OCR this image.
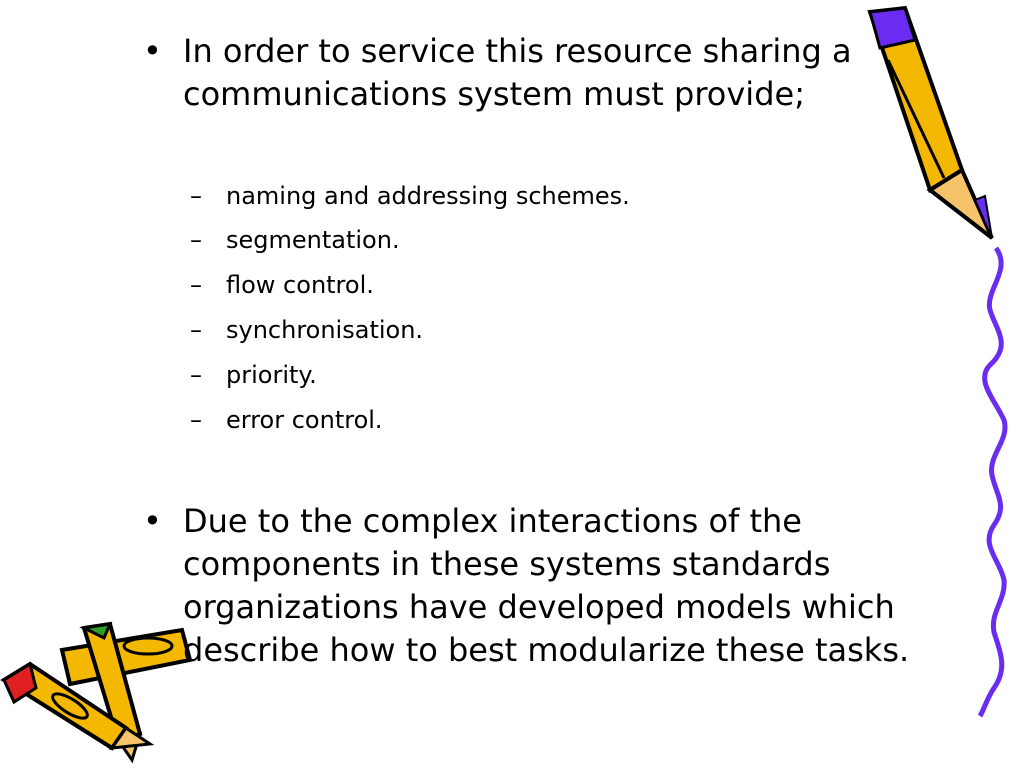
• In order to service this resource sharing a communications system must provide;
– naming and addressing schemes.
– segmentation.
– flow control.
– synchronisation.
– priority.
– error control.
• Due to the complex interactions of the components in these systems standards organizations have developed models which describe how to best modularize these tasks.
